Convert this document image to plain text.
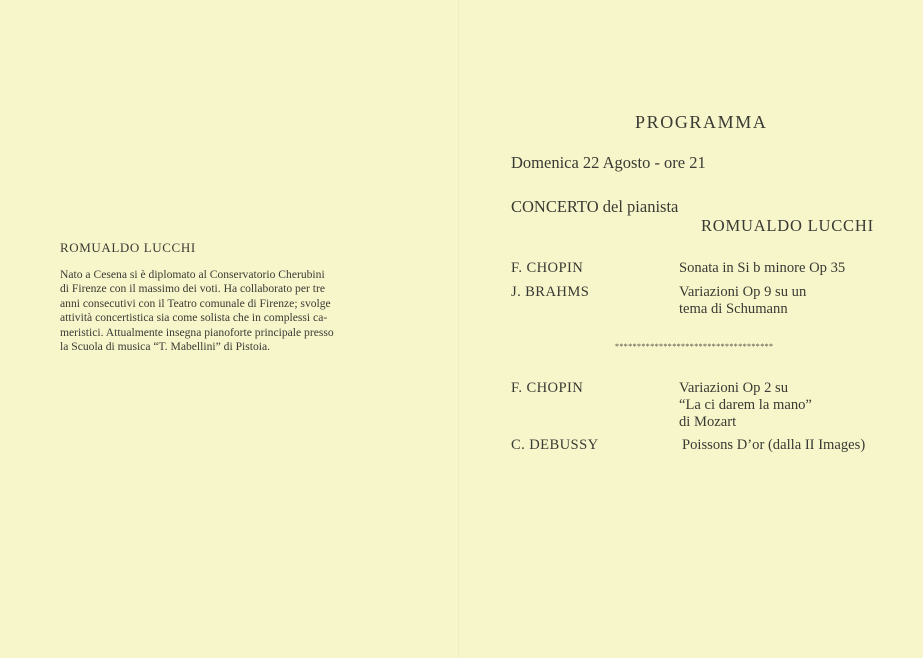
ROMUALDO LUCCHI
Nato a Cesena si è diplomato al Conservatorio Cherubini
di Firenze con il massimo dei voti. Ha collaborato per tre
anni consecutivi con il Teatro comunale di Firenze; svolge
attività concertistica sia come solista che in complessi ca-
meristici. Attualmente insegna pianoforte principale presso
la Scuola di musica “T. Mabellini” di Pistoia.
PROGRAMMA
Domenica 22 Agosto - ore 21
CONCERTO del pianista
ROMUALDO LUCCHI
F. CHOPIN	Sonata in Si b minore Op 35
J. BRAHMS	Variazioni Op 9 su un
tema di Schumann
************************************
F. CHOPIN	Variazioni Op 2 su
“La ci darem la mano”
di Mozart
C. DEBUSSY	Poissons D’or (dalla II Images)
